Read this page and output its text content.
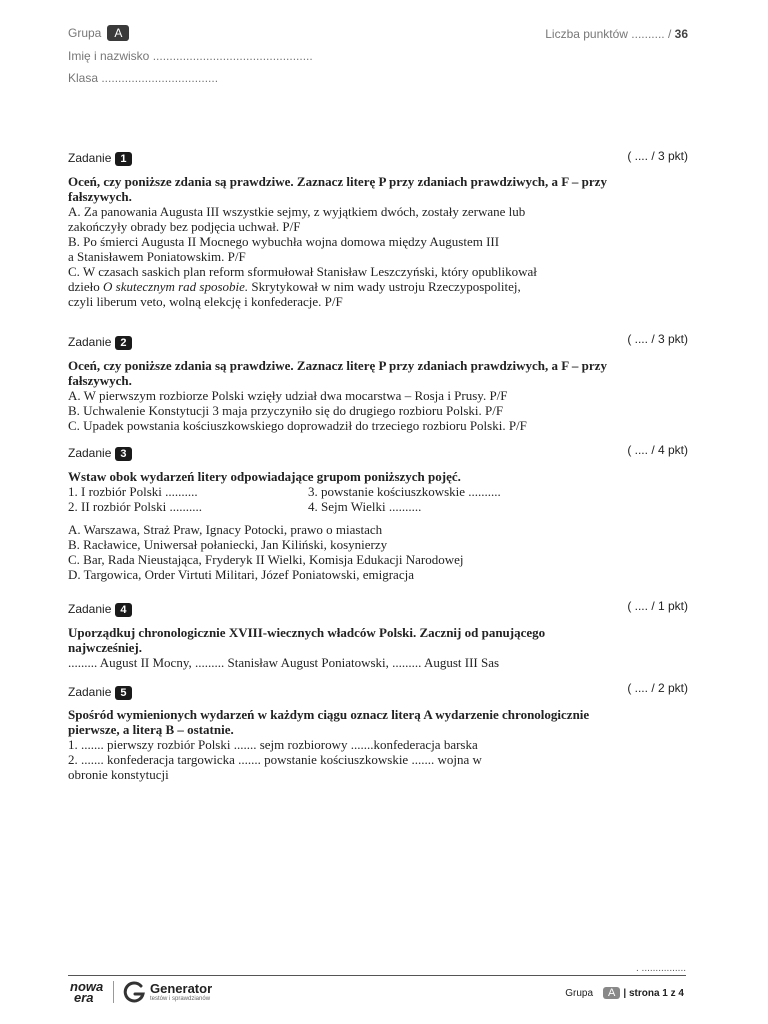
Grupa A
Imię i nazwisko ................................................
Klasa ...................................
Liczba punktów .......... / 36
Zadanie 1	( .... / 3 pkt)
Oceń, czy poniższe zdania są prawdziwe. Zaznacz literę P przy zdaniach prawdziwych, a F – przy fałszywych.
A. Za panowania Augusta III wszystkie sejmy, z wyjątkiem dwóch, zostały zerwane lub
zakończyły obrady bez podjęcia uchwał. P/F
B. Po śmierci Augusta II Mocnego wybuchła wojna domowa między Augustem III
a Stanisławem Poniatowskim. P/F
C. W czasach saskich plan reform sformułował Stanisław Leszczyński, który opublikował
dzieło O skutecznym rad sposobie. Skrytykował w nim wady ustroju Rzeczypospolitej,
czyli liberum veto, wolną elekcję i konfederacje. P/F
Zadanie 2	( .... / 3 pkt)
Oceń, czy poniższe zdania są prawdziwe. Zaznacz literę P przy zdaniach prawdziwych, a F – przy fałszywych.
A. W pierwszym rozbiorze Polski wzięły udział dwa mocarstwa – Rosja i Prusy. P/F
B. Uchwalenie Konstytucji 3 maja przyczyniło się do drugiego rozbioru Polski. P/F
C. Upadek powstania kościuszkowskiego doprowadził do trzeciego rozbioru Polski. P/F
Zadanie 3	( .... / 4 pkt)
Wstaw obok wydarzeń litery odpowiadające grupom poniższych pojęć.
1. I rozbiór Polski ..........
2. II rozbiór Polski ..........
3. powstanie kościuszkowskie ..........
4. Sejm Wielki ..........
A. Warszawa, Straż Praw, Ignacy Potocki, prawo o miastach
B. Racławice, Uniwersał połaniecki, Jan Kiliński, kosynierzy
C. Bar, Rada Nieustająca, Fryderyk II Wielki, Komisja Edukacji Narodowej
D. Targowica, Order Virtuti Militari, Józef Poniatowski, emigracja
Zadanie 4	( .... / 1 pkt)
Uporządkuj chronologicznie XVIII-wiecznych władców Polski. Zacznij od panującego najwcześniej.
......... August II Mocny, ......... Stanisław August Poniatowski, ......... August III Sas
Zadanie 5	( .... / 2 pkt)
Spośród wymienionych wydarzeń w każdym ciągu oznacz literą A wydarzenie chronologicznie pierwsze, a literą B – ostatnie.
1. ....... pierwszy rozbiór Polski ....... sejm rozbiorowy .......konfederacja barska
2. ....... konfederacja targowicka ....... powstanie kościuszkowskie ....... wojna w
obronie konstytucji
. ................
nowa
era
Generator
testów i sprawdzianów	Grupa A | strona 1 z 4
